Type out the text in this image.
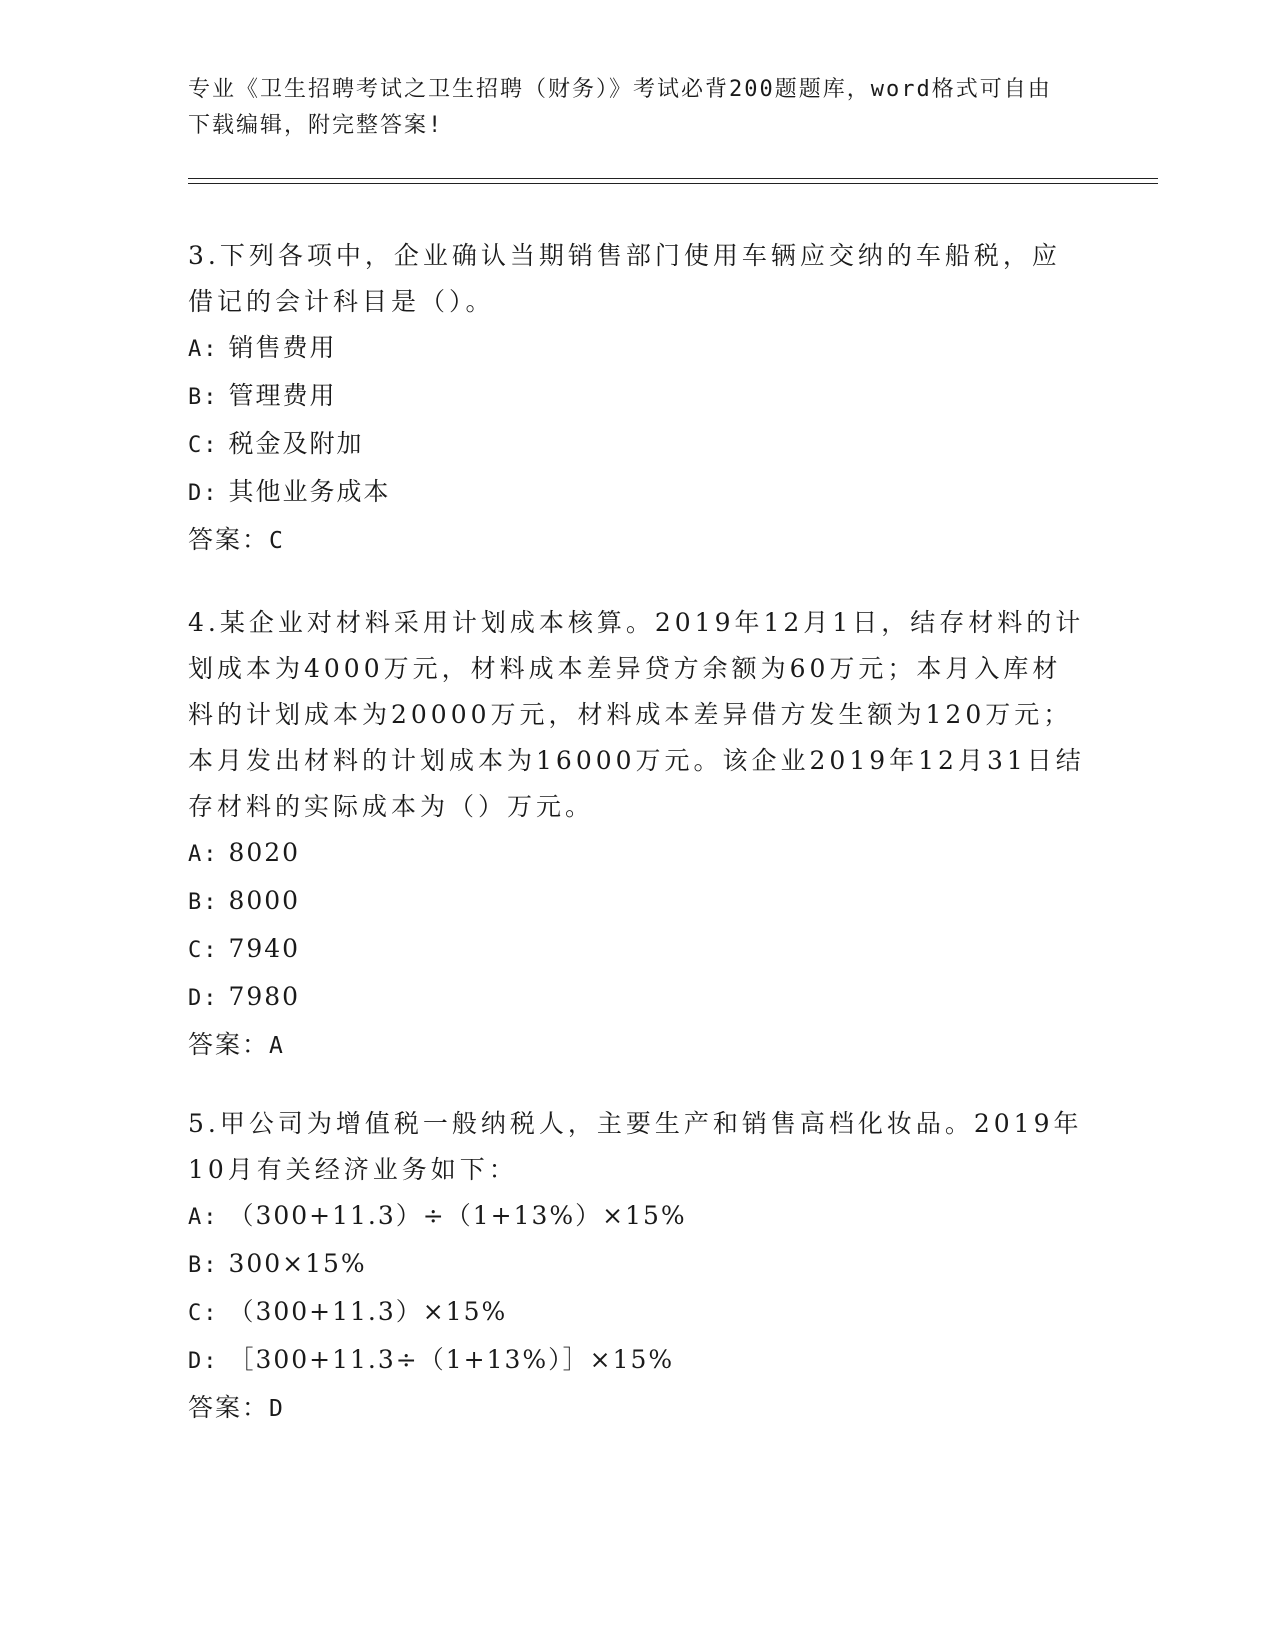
专业《卫生招聘考试之卫生招聘（财务）》考试必背200题题库，word格式可自由下载编辑，附完整答案!

3.下列各项中，企业确认当期销售部门使用车辆应交纳的车船税，应借记的会计科目是（）。

A: 销售费用

B: 管理费用

C: 税金及附加

D: 其他业务成本

答案：C

4.某企业对材料采用计划成本核算。2019年12月1日，结存材料的计划成本为4000万元，材料成本差异贷方余额为60万元；本月入库材料的计划成本为20000万元，材料成本差异借方发生额为120万元；本月发出材料的计划成本为16000万元。该企业2019年12月31日结存材料的实际成本为（）万元。

A: 8020

B: 8000

C: 7940

D: 7980

答案：A

5.甲公司为增值税一般纳税人，主要生产和销售高档化妆品。2019年10月有关经济业务如下：

A: （300+11.3）÷（1+13%）×15%

B: 300×15%

C: （300+11.3）×15%

D: ［300+11.3÷（1+13%）］×15%

答案：D
